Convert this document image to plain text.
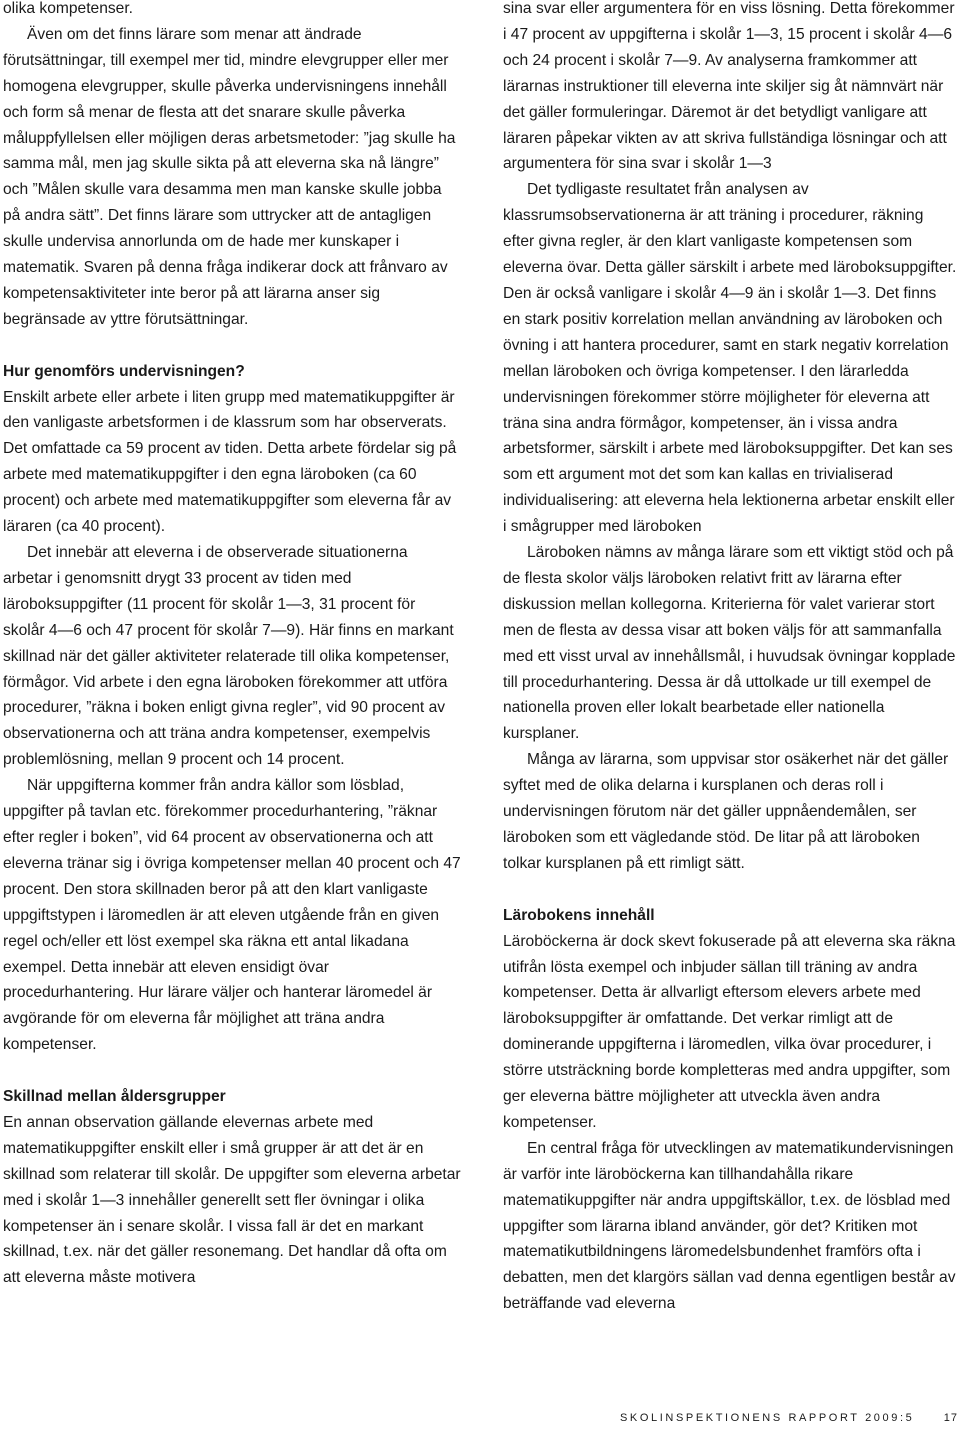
olika kompetenser.

Även om det finns lärare som menar att ändrade förutsättningar, till exempel mer tid, mindre elevgrupper eller mer homogena elevgrupper, skulle påverka undervisningens innehåll och form så menar de flesta att det snarare skulle påverka måluppfyllelsen eller möjligen deras arbetsmetoder: ”jag skulle ha samma mål, men jag skulle sikta på att eleverna ska nå längre” och ”Målen skulle vara desamma men man kanske skulle jobba på andra sätt”. Det finns lärare som uttrycker att de antagligen skulle undervisa annorlunda om de hade mer kunskaper i matematik. Svaren på denna fråga indikerar dock att frånvaro av kompetensaktiviteter inte beror på att lärarna anser sig begränsade av yttre förutsättningar.

Hur genomförs undervisningen?

Enskilt arbete eller arbete i liten grupp med matematikuppgifter är den vanligaste arbetsformen i de klassrum som har observerats. Det omfattade ca 59 procent av tiden. Detta arbete fördelar sig på arbete med matematikuppgifter i den egna läroboken (ca 60 procent) och arbete med matematikuppgifter som eleverna får av läraren (ca 40 procent).

Det innebär att eleverna i de observerade situationerna arbetar i genomsnitt drygt 33 procent av tiden med läroboksuppgifter (11 procent för skolår 1—3, 31 procent för skolår 4—6 och 47 procent för skolår 7—9). Här finns en markant skillnad när det gäller aktiviteter relaterade till olika kompetenser, förmågor. Vid arbete i den egna läroboken förekommer att utföra procedurer, ”räkna i boken enligt givna regler”, vid 90 procent av observationerna och att träna andra kompetenser, exempelvis problemlösning, mellan 9 procent och 14 procent.

När uppgifterna kommer från andra källor som lösblad, uppgifter på tavlan etc. förekommer procedurhantering, ”räknar efter regler i boken”, vid 64 procent av observationerna och att eleverna tränar sig i övriga kompetenser mellan 40 procent och 47 procent. Den stora skillnaden beror på att den klart vanligaste uppgiftstypen i läromedlen är att eleven utgående från en given regel och/eller ett löst exempel ska räkna ett antal likadana exempel. Detta innebär att eleven ensidigt övar procedurhantering. Hur lärare väljer och hanterar läromedel är avgörande för om eleverna får möjlighet att träna andra kompetenser.

Skillnad mellan åldersgrupper

En annan observation gällande elevernas arbete med matematikuppgifter enskilt eller i små grupper är att det är en skillnad som relaterar till skolår. De uppgifter som eleverna arbetar med i skolår 1—3 innehåller generellt sett fler övningar i olika kompetenser än i senare skolår. I vissa fall är det en markant skillnad, t.ex. när det gäller resonemang. Det handlar då ofta om att eleverna måste motivera

sina svar eller argumentera för en viss lösning. Detta förekommer i 47 procent av uppgifterna i skolår 1—3, 15 procent i skolår 4—6 och 24 procent i skolår 7—9. Av analyserna framkommer att lärarnas instruktioner till eleverna inte skiljer sig åt nämnvärt när det gäller formuleringar. Däremot är det betydligt vanligare att läraren påpekar vikten av att skriva fullständiga lösningar och att argumentera för sina svar i skolår 1—3

Det tydligaste resultatet från analysen av klassrumsobservationerna är att träning i procedurer, räkning efter givna regler, är den klart vanligaste kompetensen som eleverna övar. Detta gäller särskilt i arbete med läroboksuppgifter. Den är också vanligare i skolår 4—9 än i skolår 1—3. Det finns en stark positiv korrelation mellan användning av läroboken och övning i att hantera procedurer, samt en stark negativ korrelation mellan läroboken och övriga kompetenser. I den lärarledda undervisningen förekommer större möjligheter för eleverna att träna sina andra förmågor, kompetenser, än i vissa andra arbetsformer, särskilt i arbete med läroboksuppgifter. Det kan ses som ett argument mot det som kan kallas en trivialiserad individualisering: att eleverna hela lektionerna arbetar enskilt eller i smågrupper med läroboken

Läroboken nämns av många lärare som ett viktigt stöd och på de flesta skolor väljs läroboken relativt fritt av lärarna efter diskussion mellan kollegorna. Kriterierna för valet varierar stort men de flesta av dessa visar att boken väljs för att sammanfalla med ett visst urval av innehållsmål, i huvudsak övningar kopplade till procedurhantering. Dessa är då uttolkade ur till exempel de nationella proven eller lokalt bearbetade eller nationella kursplaner.

Många av lärarna, som uppvisar stor osäkerhet när det gäller syftet med de olika delarna i kursplanen och deras roll i undervisningen förutom när det gäller uppnåendemålen, ser läroboken som ett vägledande stöd. De litar på att läroboken tolkar kursplanen på ett rimligt sätt.

Lärobokens innehåll

Läroböckerna är dock skevt fokuserade på att eleverna ska räkna utifrån lösta exempel och inbjuder sällan till träning av andra kompetenser. Detta är allvarligt eftersom elevers arbete med läroboksuppgifter är omfattande. Det verkar rimligt att de dominerande uppgifterna i läromedlen, vilka övar procedurer, i större utsträckning borde kompletteras med andra uppgifter, som ger eleverna bättre möjligheter att utveckla även andra kompetenser.

En central fråga för utvecklingen av matematikundervisningen är varför inte läroböckerna kan tillhandahålla rikare matematikuppgifter när andra uppgiftskällor, t.ex. de lösblad med uppgifter som lärarna ibland använder, gör det? Kritiken mot matematikutbildningens läromedelsbundenhet framförs ofta i debatten, men det klargörs sällan vad denna egentligen består av beträffande vad eleverna

SKOLINSPEKTIONENS RAPPORT 2009:5	17
